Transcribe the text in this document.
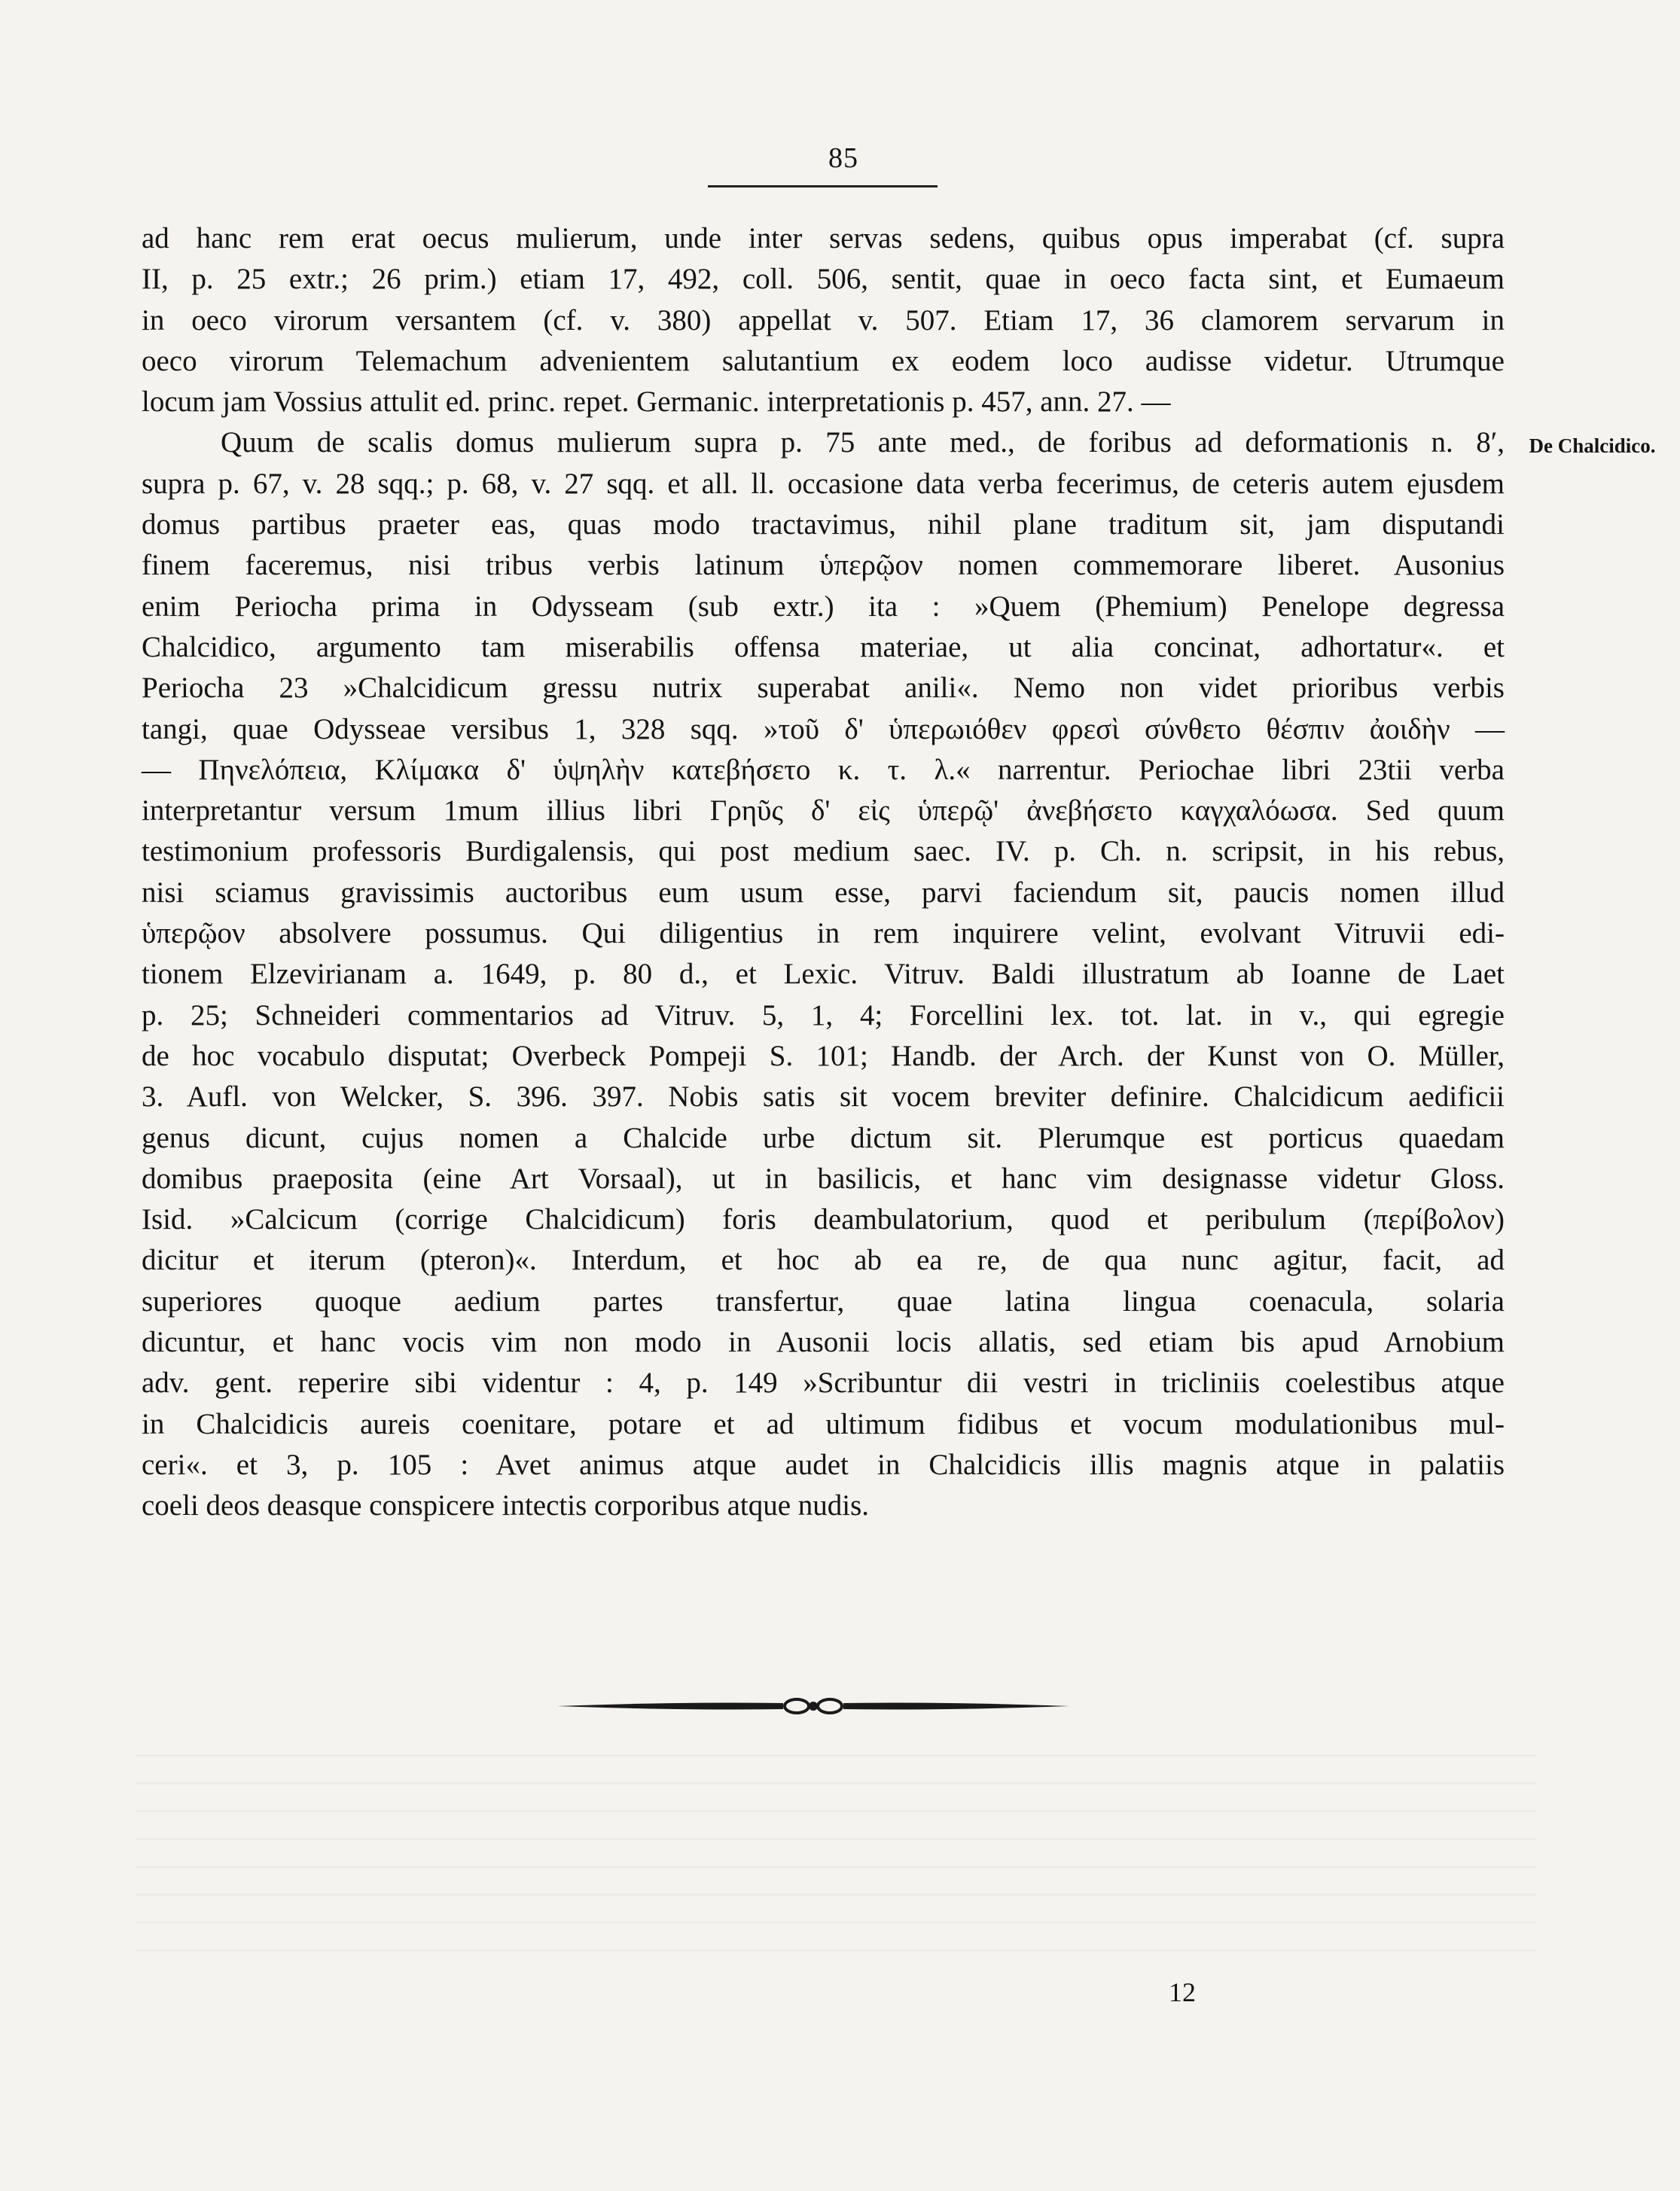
85
De Chalcidico.
ad hanc rem erat oecus mulierum, unde inter servas sedens, quibus opus imperabat (cf. supra
II, p. 25 extr.; 26 prim.) etiam 17, 492, coll. 506, sentit, quae in oeco facta sint, et Eumaeum
in oeco virorum versantem (cf. v. 380) appellat v. 507. Etiam 17, 36 clamorem servarum in
oeco virorum Telemachum advenientem salutantium ex eodem loco audisse videtur. Utrumque
locum jam Vossius attulit ed. princ. repet. Germanic. interpretationis p. 457, ann. 27. —
Quum de scalis domus mulierum supra p. 75 ante med., de foribus ad deformationis n. 8′,
supra p. 67, v. 28 sqq.; p. 68, v. 27 sqq. et all. ll. occasione data verba fecerimus, de ceteris autem ejusdem
domus partibus praeter eas, quas modo tractavimus, nihil plane traditum sit, jam disputandi
finem faceremus, nisi tribus verbis latinum ὑπερῷον nomen commemorare liberet. Ausonius
enim Periocha prima in Odysseam (sub extr.) ita : »Quem (Phemium) Penelope degressa
Chalcidico, argumento tam miserabilis offensa materiae, ut alia concinat, adhortatur«. et
Periocha 23 »Chalcidicum gressu nutrix superabat anili«. Nemo non videt prioribus verbis
tangi, quae Odysseae versibus 1, 328 sqq. »τοῦ δ' ὑπερωιόθεν φρεσὶ σύνθετο θέσπιν ἀοιδὴν —
— Πηνελόπεια, Κλίμακα δ' ὑψηλὴν κατεβήσετο κ. τ. λ.« narrentur. Periochae libri 23tii verba
interpretantur versum 1mum illius libri Γρηῦς δ' εἰς ὑπερῷ' ἀνεβήσετο καγχαλόωσα. Sed quum
testimonium professoris Burdigalensis, qui post medium saec. IV. p. Ch. n. scripsit, in his rebus,
nisi sciamus gravissimis auctoribus eum usum esse, parvi faciendum sit, paucis nomen illud
ὑπερῷον absolvere possumus. Qui diligentius in rem inquirere velint, evolvant Vitruvii edi-
tionem Elzevirianam a. 1649, p. 80 d., et Lexic. Vitruv. Baldi illustratum ab Ioanne de Laet
p. 25; Schneideri commentarios ad Vitruv. 5, 1, 4; Forcellini lex. tot. lat. in v., qui egregie
de hoc vocabulo disputat; Overbeck Pompeji S. 101; Handb. der Arch. der Kunst von O. Müller,
3. Aufl. von Welcker, S. 396. 397. Nobis satis sit vocem breviter definire. Chalcidicum aedificii
genus dicunt, cujus nomen a Chalcide urbe dictum sit. Plerumque est porticus quaedam
domibus praeposita (eine Art Vorsaal), ut in basilicis, et hanc vim designasse videtur Gloss.
Isid. »Calcicum (corrige Chalcidicum) foris deambulatorium, quod et peribulum (περίβολον)
dicitur et iterum (pteron)«. Interdum, et hoc ab ea re, de qua nunc agitur, facit, ad
superiores quoque aedium partes transfertur, quae latina lingua coenacula, solaria
dicuntur, et hanc vocis vim non modo in Ausonii locis allatis, sed etiam bis apud Arnobium
adv. gent. reperire sibi videntur : 4, p. 149 »Scribuntur dii vestri in tricliniis coelestibus atque
in Chalcidicis aureis coenitare, potare et ad ultimum fidibus et vocum modulationibus mul-
ceri«. et 3, p. 105 : Avet animus atque audet in Chalcidicis illis magnis atque in palatiis
coeli deos deasque conspicere intectis corporibus atque nudis.
12
